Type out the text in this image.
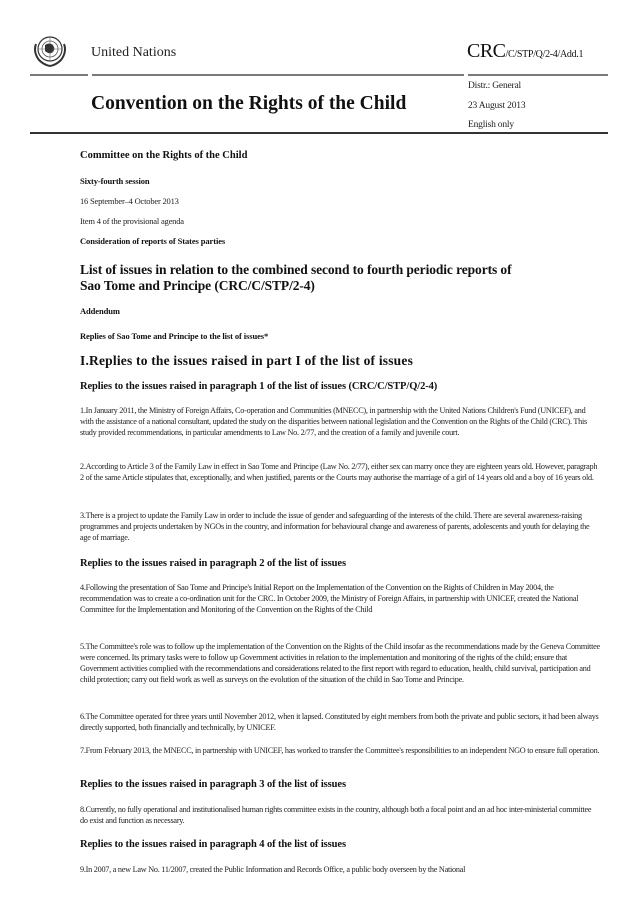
United Nations	CRC/C/STP/Q/2-4/Add.1
Convention on the Rights of the Child
Distr.: General
23 August 2013
English only
Committee on the Rights of the Child
Sixty-fourth session
16 September–4 October 2013
Item 4 of the provisional agenda
Consideration of reports of States parties
List of issues in relation to the combined second to fourth periodic reports of
Sao Tome and Principe (CRC/C/STP/2-4)
Addendum
Replies of Sao Tome and Principe to the list of issues*
I.Replies to the issues raised in part I of the list of issues
Replies to the issues raised in paragraph 1 of the list of issues (CRC/C/STP/Q/2-4)
1.In January 2011, the Ministry of Foreign Affairs, Co-operation and Communities (MNECC), in partnership with the United Nations Children's Fund (UNICEF), and with the assistance of a national consultant, updated the study on the disparities between national legislation and the Convention on the Rights of the Child (CRC). This study provided recommendations, in particular amendments to Law No. 2/77, and the creation of a family and juvenile court.
2.According to Article 3 of the Family Law in effect in Sao Tome and Principe (Law No. 2/77), either sex can marry once they are eighteen years old. However, paragraph 2 of the same Article stipulates that, exceptionally, and when justified, parents or the Courts may authorise the marriage of a girl of 14 years old and a boy of 16 years old.
3.There is a project to update the Family Law in order to include the issue of gender and safeguarding of the interests of the child. There are several awareness-raising programmes and projects undertaken by NGOs in the country, and information for behavioural change and awareness of parents, adolescents and youth for delaying the age of marriage.
Replies to the issues raised in paragraph 2 of the list of issues
4.Following the presentation of Sao Tome and Principe's Initial Report on the Implementation of the Convention on the Rights of Children in May 2004, the recommendation was to create a co-ordination unit for the CRC. In October 2009, the Ministry of Foreign Affairs, in partnership with UNICEF, created the National Committee for the Implementation and Monitoring of the Convention on the Rights of the Child
5.The Committee's role was to follow up the implementation of the Convention on the Rights of the Child insofar as the recommendations made by the Geneva Committee were concerned. Its primary tasks were to follow up Government activities in relation to the implementation and monitoring of the rights of the child; ensure that Government activities complied with the recommendations and considerations related to the first report with regard to education, health, child survival, participation and child protection; carry out field work as well as surveys on the evolution of the situation of the child in Sao Tome and Principe.
6.The Committee operated for three years until November 2012, when it lapsed. Constituted by eight members from both the private and public sectors, it had been always directly supported, both financially and technically, by UNICEF.
7.From February 2013, the MNECC, in partnership with UNICEF, has worked to transfer the Committee's responsibilities to an independent NGO to ensure full operation.
Replies to the issues raised in paragraph 3 of the list of issues
8.Currently, no fully operational and institutionalised human rights committee exists in the country, although both a focal point and an ad hoc inter-ministerial committee do exist and function as necessary.
Replies to the issues raised in paragraph 4 of the list of issues
9.In 2007, a new Law No. 11/2007, created the Public Information and Records Office, a public body overseen by the National
